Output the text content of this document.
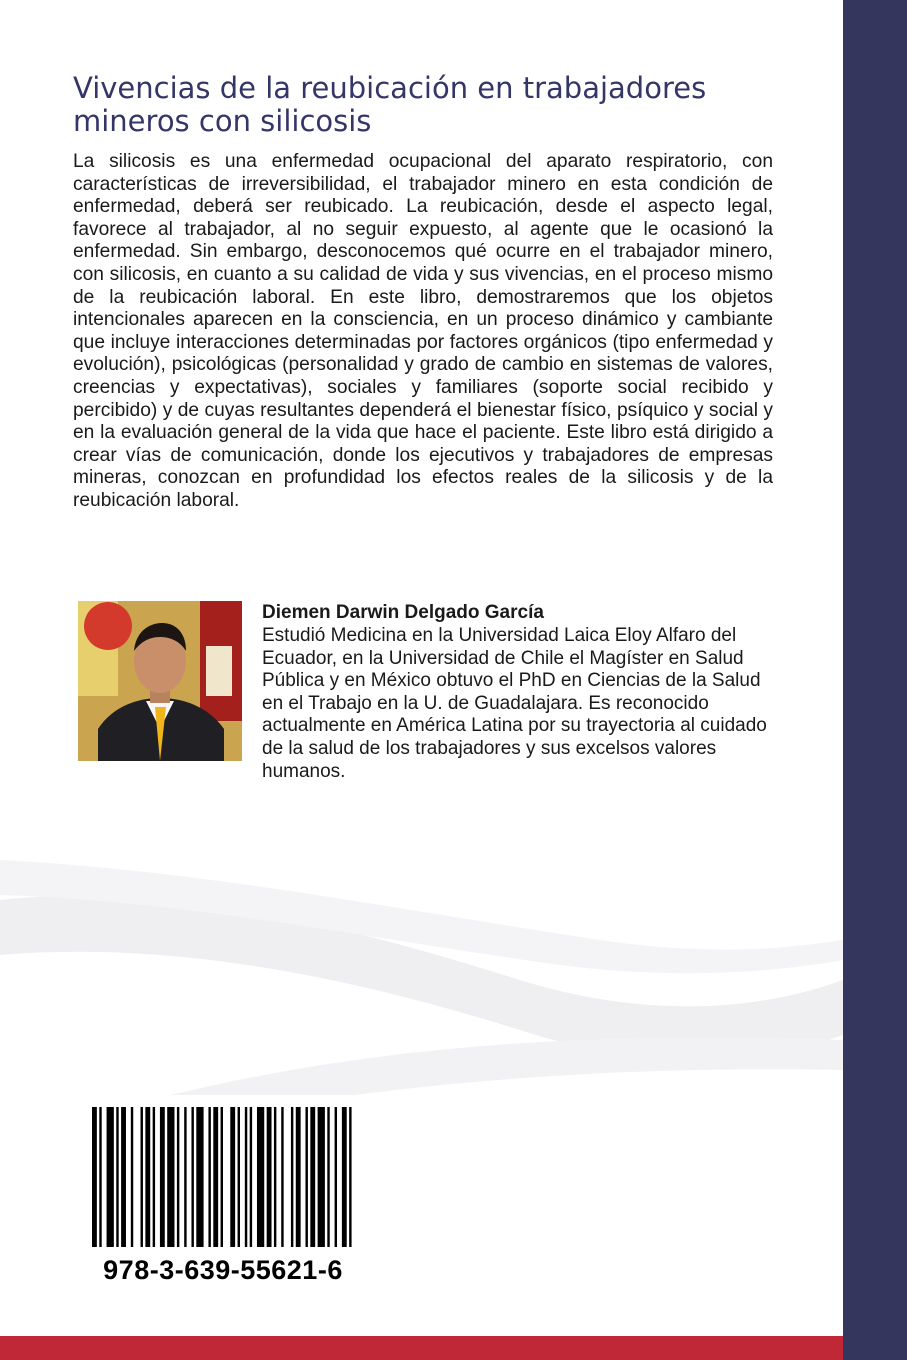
Vivencias de la reubicación en trabajadores mineros con silicosis

La silicosis es una enfermedad ocupacional del aparato respiratorio, con características de irreversibilidad, el trabajador minero en esta condición de enfermedad, deberá ser reubicado. La reubicación, desde el aspecto legal, favorece al trabajador, al no seguir expuesto, al agente que le ocasionó la enfermedad. Sin embargo, desconocemos qué ocurre en el trabajador minero, con silicosis, en cuanto a su calidad de vida y sus vivencias, en el proceso mismo de la reubicación laboral. En este libro, demostraremos que los objetos intencionales aparecen en la consciencia, en un proceso dinámico y cambiante que incluye interacciones determinadas por factores orgánicos (tipo enfermedad y evolución), psicológicas (personalidad y grado de cambio en sistemas de valores, creencias y expectativas), sociales y familiares (soporte social recibido y percibido) y de cuyas resultantes dependerá el bienestar físico, psíquico y social y en la evaluación general de la vida que hace el paciente. Este libro está dirigido a crear vías de comunicación, donde los ejecutivos y trabajadores de empresas mineras, conozcan en profundidad los efectos reales de la silicosis y de la reubicación laboral.

Diemen Darwin Delgado García

Estudió Medicina en la Universidad Laica Eloy Alfaro del Ecuador, en la Universidad de Chile el Magíster en Salud Pública y en México obtuvo el PhD en Ciencias de la Salud en el Trabajo en la U. de Guadalajara. Es reconocido actualmente en América Latina por su trayectoria al cuidado de la salud de los trabajadores y sus excelsos valores humanos.

978-3-639-55621-6
